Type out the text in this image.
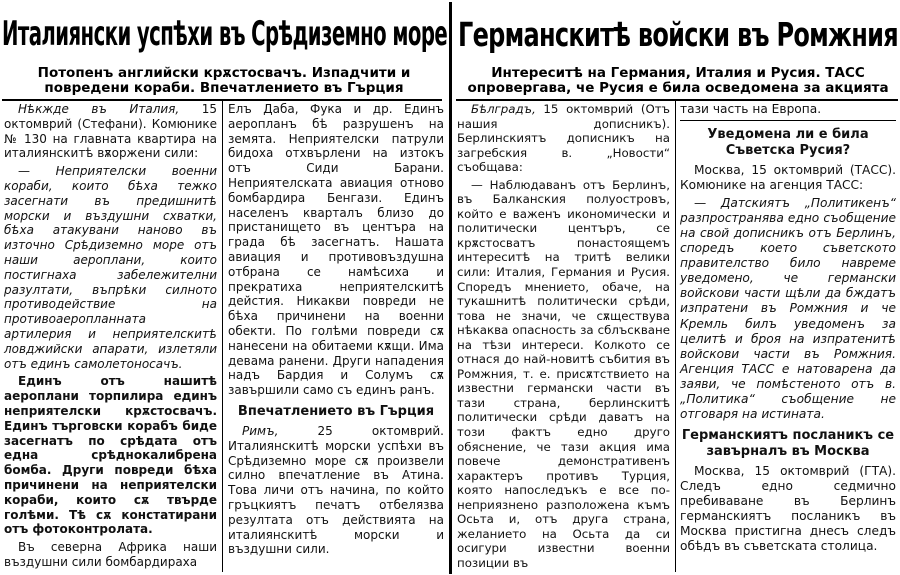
Италиянски успѣхи въ Срѣдиземно море
Потопенъ английски крѫстосвачъ. Изпадчити и повредени кораби. Впечатлението въ Гърция

Нѣкжде въ Италия, 15 октомврий (Стефани). Комюнике № 130 на главната квартира на италиянскитѣ вѫоржени сили:

— Неприятелски военни кораби, които бѣха тежко засегнати въ предишнитѣ морски и въздушни схватки, бѣха атакувани наново въ източно Срѣдиземно море отъ наши аероплани, които постигнаха забележителни разултати, въпрѣки силното противодействие на противоаеропланната артилерия и неприятелскитѣ ловджийски апарати, излетяли отъ единъ самолетоносачъ.

Единъ отъ нашитѣ аероплани торпилира единъ неприятелски крѫстосвачъ. Единъ търговски корабъ биде засегнатъ по срѣдата отъ една срѣднокалибрена бомба. Други повреди бѣха причинени на неприятелски кораби, които сѫ твърде голѣми. Тѣ сѫ констатирани отъ фотоконтролата.

Въ северна Африка наши въздушни сили бомбардираха

Елъ Даба, Фука и др. Единъ аеропланъ бѣ разрушенъ на земята. Неприятелски патрули бидоха отхвърлени на изтокъ отъ Сиди Барани. Неприятелската авиация отново бомбардира Бенгази. Единъ населенъ кварталъ близо до пристанището въ центъра на града бѣ засегнатъ. Нашата авиация и противовъздушна отбрана се намѣсиха и прекратиха неприятелскитѣ дейстия. Никакви повреди не бѣха причинени на военни обекти. По голѣми повреди сѫ нанесени на обитаеми кѫщи. Има девама ранени. Други нападения надъ Бардия и Солумъ сѫ завършили само съ единъ ранъ.

Впечатлението въ Гърция

Римъ,	25 октомврий. Италиянскитѣ морски успѣхи въ Срѣдиземно море сѫ произвели силно впечатление въ Атина. Това личи отъ начина, по който гръцкиятъ печатъ отбелязва резултата отъ действията на италиянскитѣ морски и въздушни сили.

Германскитѣ войски въ Ромжния
Интереситѣ на Германия, Италия и Русия. ТАСС опровергава, че Русия е била осведомена за акцията

Бѣлградъ, 15 октомврий (Отъ нашия дописникъ). Берлинскиятъ дописникъ на загребския в. „Новости“ съобщава:

— Наблюдаванъ отъ Берлинъ, въ Балканския полуостровъ, който е важенъ икономически и политически центъръ, се крѫстосватъ понастоящемъ интереситѣ на тритѣ велики сили: Италия, Германия и Русия. Споредъ мнението, обаче, на тукашнитѣ политически срѣди, това не значи, че сѫществува нѣкаква опасность за сблъскване на тѣзи интереси. Колкото се отнася до най-новитѣ събития въ Ромжния, т. е. присѫтствието на известни германски части въ тази страна, берлинскитѣ политически срѣди даватъ на този фактъ едно друго обяснение, че тази акция има повече демонстративенъ характеръ противъ Турция, която напоследъкъ е все по-неприязнено разположена къмъ Осьта и, отъ друга страна, желанието на Осьта да си осигури известни военни позиции въ

тази часть на Европа.

Уведомена ли е била Съветска Русия?

Москва, 15 октомврий (ТАСС). Комюнике на агенция ТАСС:

— Датскиятъ „Политикенъ“ разпространява едно съобщение на свой дописникъ отъ Берлинъ, споредъ което съветското правителство било навреме уведомено, че германски войскови части щѣли да бждатъ изпратени въ Ромжния и че Кремль билъ уведоменъ за целитѣ и броя на изпратенитѣ войскови части въ Ромжния. Агенция ТАСС е натоварена да заяви, че помѣстеното отъ в. „Политика“ съобщение не отговаря на истината.

Германскиятъ посланикъ се завърналъ въ Москва

Москва, 15 октомврий (ГТА). Следъ едно седмично пребиваване въ Берлинъ германскиятъ посланикъ въ Москва пристигна днесъ следъ обѣдъ въ съветската столица.
